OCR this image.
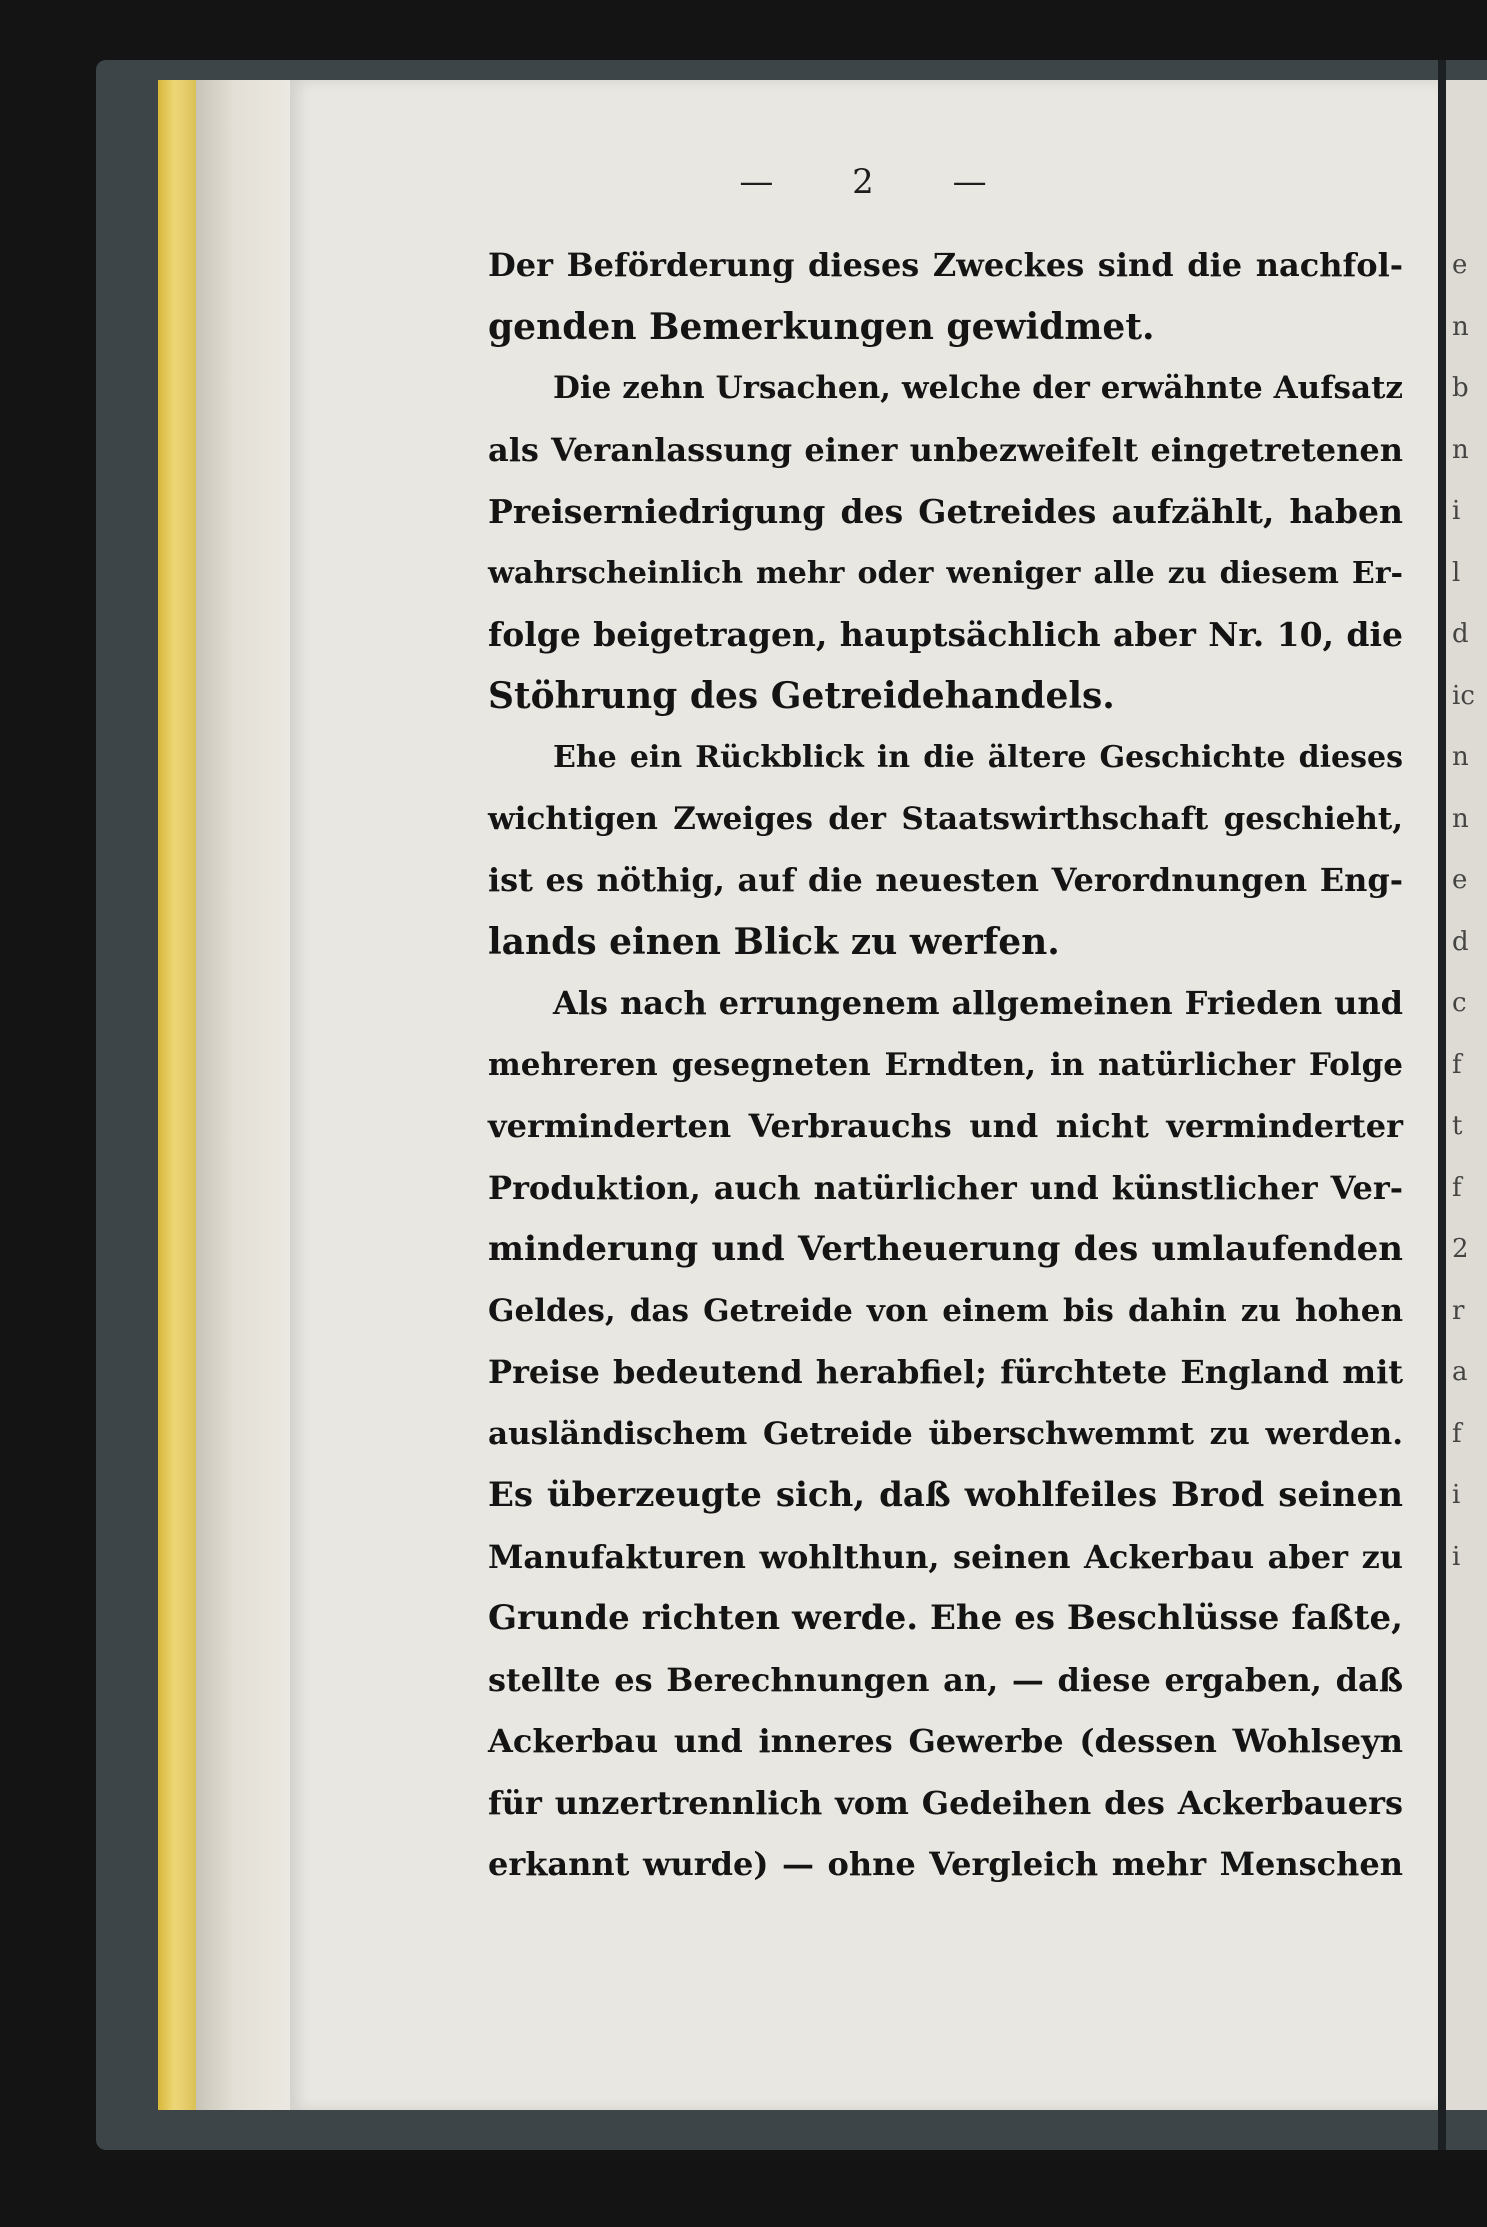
— 2 —
Der Beförderung dieses Zweckes sind die nachfol-
genden Bemerkungen gewidmet.
Die zehn Ursachen, welche der erwähnte Aufsatz
als Veranlassung einer unbezweifelt eingetretenen
Preiserniedrigung des Getreides aufzählt, haben
wahrscheinlich mehr oder weniger alle zu diesem Er-
folge beigetragen, hauptsächlich aber Nr. 10, die
Stöhrung des Getreidehandels.
Ehe ein Rückblick in die ältere Geschichte dieses
wichtigen Zweiges der Staatswirthschaft geschieht,
ist es nöthig, auf die neuesten Verordnungen Eng-
lands einen Blick zu werfen.
Als nach errungenem allgemeinen Frieden und
mehreren gesegneten Erndten, in natürlicher Folge
verminderten Verbrauchs und nicht verminderter
Produktion, auch natürlicher und künstlicher Ver-
minderung und Vertheuerung des umlaufenden
Geldes, das Getreide von einem bis dahin zu hohen
Preise bedeutend herabfiel; fürchtete England mit
ausländischem Getreide überschwemmt zu werden.
Es überzeugte sich, daß wohlfeiles Brod seinen
Manufakturen wohlthun, seinen Ackerbau aber zu
Grunde richten werde. Ehe es Beschlüsse faßte,
stellte es Berechnungen an, — diese ergaben, daß
Ackerbau und inneres Gewerbe (dessen Wohlseyn
für unzertrennlich vom Gedeihen des Ackerbauers
erkannt wurde) — ohne Vergleich mehr Menschen
e
n
b
n
i
l
d
ic
n
n
e
d
c
f
t
f
2
r
a
f
i
i
